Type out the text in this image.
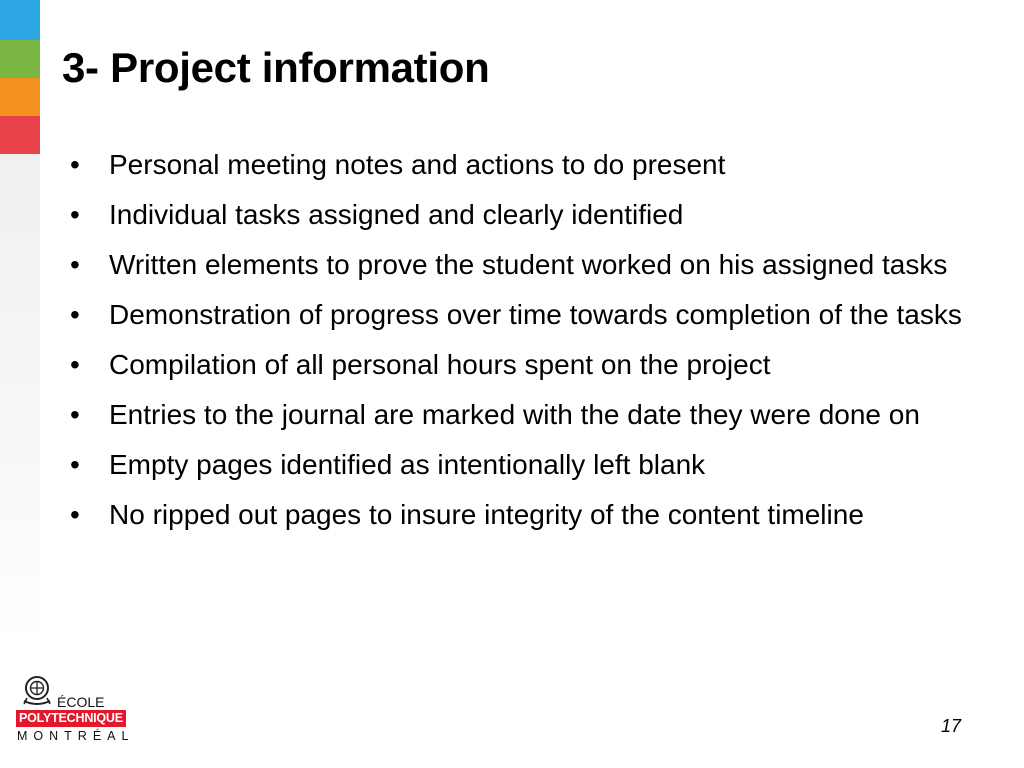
3- Project information
• Personal meeting notes and actions to do present
• Individual tasks assigned and clearly identified
• Written elements to prove the student worked on his assigned tasks
• Demonstration of progress over time towards completion of the tasks
• Compilation of all personal hours spent on the project
• Entries to the journal are marked with the date they were done on
• Empty pages identified as intentionally left blank
• No ripped out pages to insure integrity of the content timeline
ÉCOLE
POLYTECHNIQUE
MONTRÉAL	17
